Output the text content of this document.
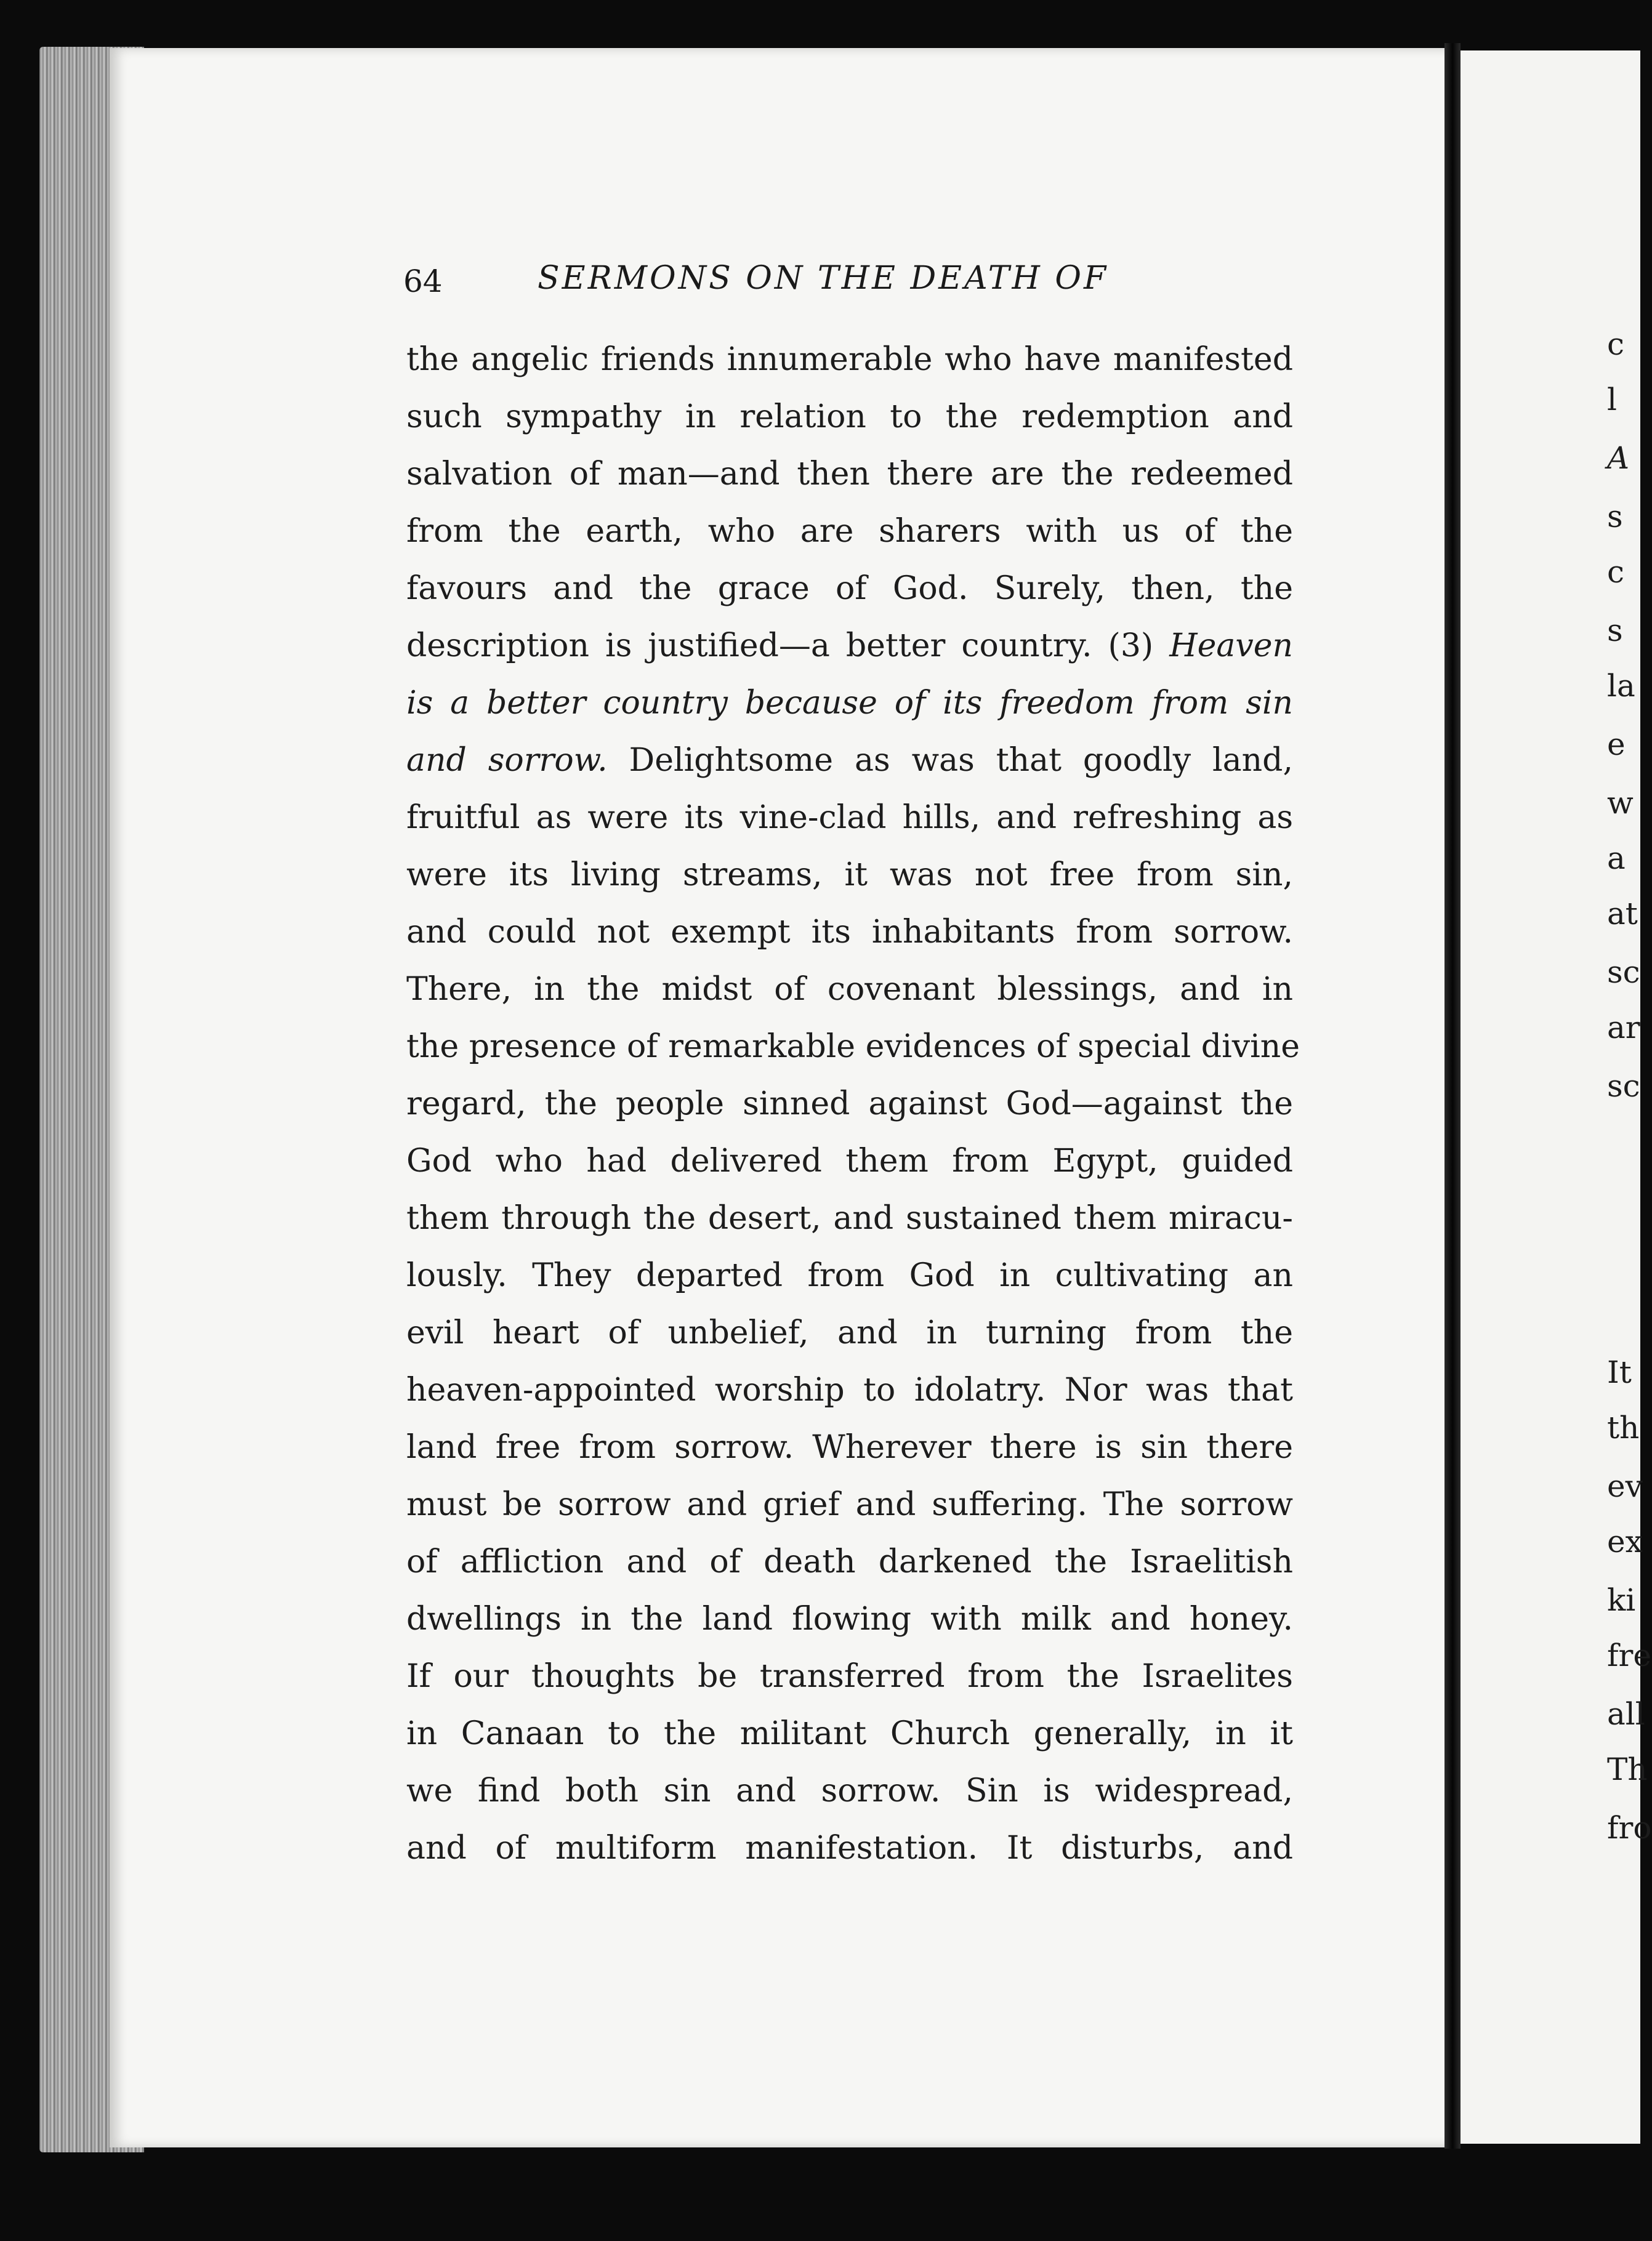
64	SERMONS ON THE DEATH OF
the angelic friends innumerable who have manifested
such sympathy in relation to the redemption and
salvation of man—and then there are the redeemed
from the earth, who are sharers with us of the
favours and the grace of God. Surely, then, the
description is justified—a better country. (3) Heaven
is a better country because of its freedom from sin
and sorrow. Delightsome as was that goodly land,
fruitful as were its vine-clad hills, and refreshing as
were its living streams, it was not free from sin,
and could not exempt its inhabitants from sorrow.
There, in the midst of covenant blessings, and in
the presence of remarkable evidences of special divine
regard, the people sinned against God—against the
God who had delivered them from Egypt, guided
them through the desert, and sustained them miracu-
lously. They departed from God in cultivating an
evil heart of unbelief, and in turning from the
heaven-appointed worship to idolatry. Nor was that
land free from sorrow. Wherever there is sin there
must be sorrow and grief and suffering. The sorrow
of affliction and of death darkened the Israelitish
dwellings in the land flowing with milk and honey.
If our thoughts be transferred from the Israelites
in Canaan to the militant Church generally, in it
we find both sin and sorrow. Sin is widespread,
and of multiform manifestation. It disturbs, and
c
l
A
s
c
s
la
e
w
a
at
sc
ar
sc
It
th
ev
ex
ki
fre
all
Th
fro
